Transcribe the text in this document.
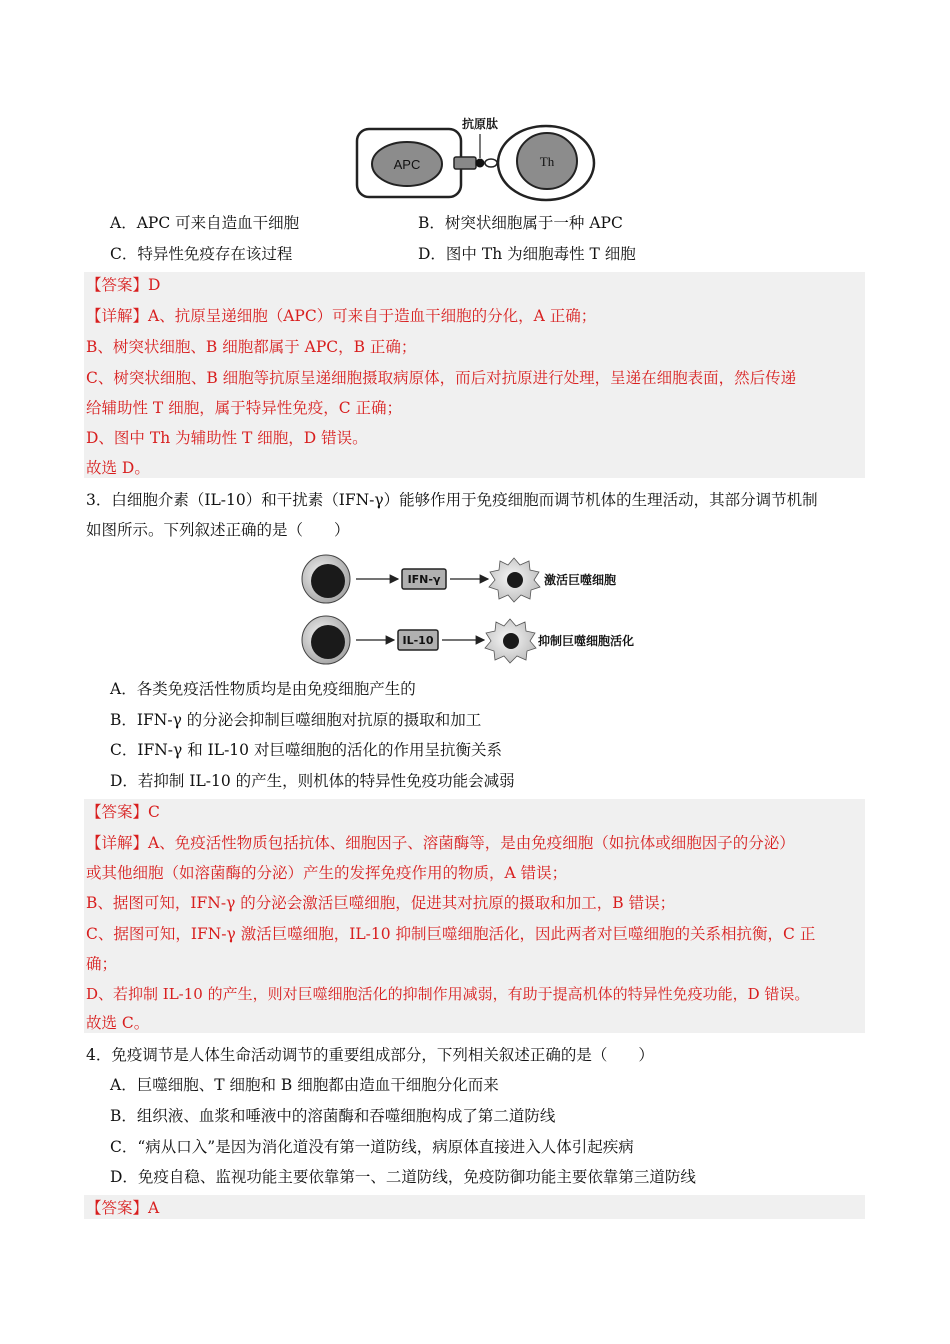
APC	Th
抗原肽
A．APC 可来自造血干细胞	B．树突状细胞属于一种 APC
C．特异性免疫存在该过程	D．图中 Th 为细胞毒性 T 细胞
【答案】D
【详解】A、抗原呈递细胞（APC）可来自于造血干细胞的分化，A 正确；
B、树突状细胞、B 细胞都属于 APC，B 正确；
C、树突状细胞、B 细胞等抗原呈递细胞摄取病原体，而后对抗原进行处理，呈递在细胞表面，然后传递
给辅助性 T 细胞，属于特异性免疫，C 正确；
D、图中 Th 为辅助性 T 细胞，D 错误。
故选 D。
3．白细胞介素（IL-10）和干扰素（IFN-γ）能够作用于免疫细胞而调节机体的生理活动，其部分调节机制
如图所示。下列叙述正确的是（　　）
IFN-γ	激活巨噬细胞
IL-10	抑制巨噬细胞活化
A．各类免疫活性物质均是由免疫细胞产生的
B．IFN-γ 的分泌会抑制巨噬细胞对抗原的摄取和加工
C．IFN-γ 和 IL-10 对巨噬细胞的活化的作用呈抗衡关系
D．若抑制 IL-10 的产生，则机体的特异性免疫功能会减弱
【答案】C
【详解】A、免疫活性物质包括抗体、细胞因子、溶菌酶等，是由免疫细胞（如抗体或细胞因子的分泌）
或其他细胞（如溶菌酶的分泌）产生的发挥免疫作用的物质，A 错误；
B、据图可知，IFN-γ 的分泌会激活巨噬细胞，促进其对抗原的摄取和加工，B 错误；
C、据图可知，IFN-γ 激活巨噬细胞，IL-10 抑制巨噬细胞活化，因此两者对巨噬细胞的关系相抗衡，C 正
确；
D、若抑制 IL-10 的产生，则对巨噬细胞活化的抑制作用减弱，有助于提高机体的特异性免疫功能，D 错误。
故选 C。
4．免疫调节是人体生命活动调节的重要组成部分，下列相关叙述正确的是（　　）
A．巨噬细胞、T 细胞和 B 细胞都由造血干细胞分化而来
B．组织液、血浆和唾液中的溶菌酶和吞噬细胞构成了第二道防线
C．“病从口入”是因为消化道没有第一道防线，病原体直接进入人体引起疾病
D．免疫自稳、监视功能主要依靠第一、二道防线，免疫防御功能主要依靠第三道防线
【答案】A
